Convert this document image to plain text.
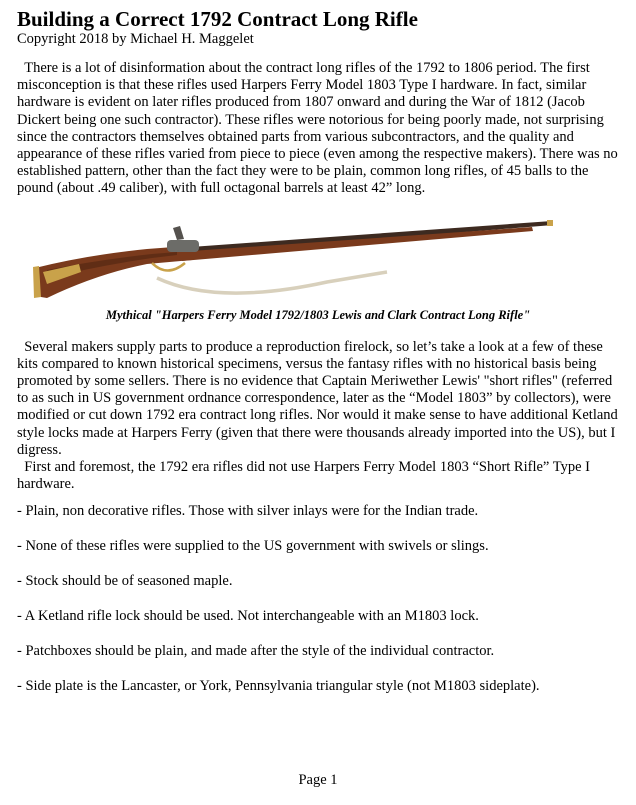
Building a Correct 1792 Contract Long Rifle

Copyright 2018 by Michael H. Maggelet

There is a lot of disinformation about the contract long rifles of the 1792 to 1806 period. The first misconception is that these rifles used Harpers Ferry Model 1803 Type I hardware. In fact, similar hardware is evident on later rifles produced from 1807 onward and during the War of 1812 (Jacob Dickert being one such contractor). These rifles were notorious for being poorly made, not surprising since the contractors themselves obtained parts from various subcontractors, and the quality and appearance of these rifles varied from piece to piece (even among the respective makers). There was no established pattern, other than the fact they were to be plain, common long rifles, of 45 balls to the pound (about .49 caliber), with full octagonal barrels at least 42” long.

Mythical "Harpers Ferry Model 1792/1803 Lewis and Clark Contract Long Rifle"

Several makers supply parts to produce a reproduction firelock, so let’s take a look at a few of these kits compared to known historical specimens, versus the fantasy rifles with no historical basis being promoted by some sellers. There is no evidence that Captain Meriwether Lewis' "short rifles" (referred to as such in US government ordnance correspondence, later as the “Model 1803” by collectors), were modified or cut down 1792 era contract long rifles. Nor would it make sense to have additional Ketland style locks made at Harpers Ferry (given that there were thousands already imported into the US), but I digress.

First and foremost, the 1792 era rifles did not use Harpers Ferry Model 1803 “Short Rifle” Type I hardware.

- Plain, non decorative rifles. Those with silver inlays were for the Indian trade.
- None of these rifles were supplied to the US government with swivels or slings.
- Stock should be of seasoned maple.
- A Ketland rifle lock should be used. Not interchangeable with an M1803 lock.
- Patchboxes should be plain, and made after the style of the individual contractor.
- Side plate is the Lancaster, or York, Pennsylvania triangular style (not M1803 sideplate).
Page 1
